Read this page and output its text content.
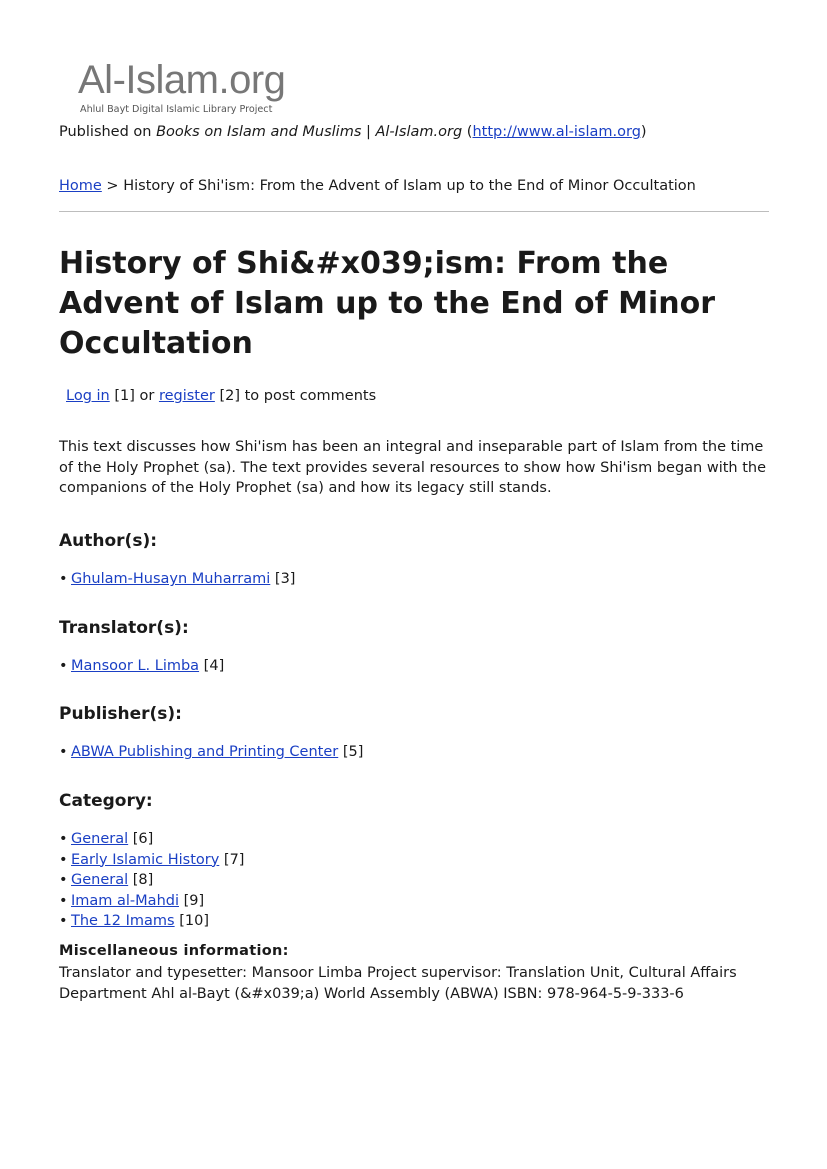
Al-Islam.org
Ahlul Bayt Digital Islamic Library Project
Published on Books on Islam and Muslims | Al-Islam.org (http://www.al-islam.org)
Home > History of Shi'ism: From the Advent of Islam up to the End of Minor Occultation
History of Shi&#x039;ism: From the Advent of Islam up to the End of Minor Occultation
Log in [1] or register [2] to post comments

This text discusses how Shi'ism has been an integral and inseparable part of Islam from the time of the Holy Prophet (sa). The text provides several resources to show how Shi'ism began with the companions of the Holy Prophet (sa) and how its legacy still stands.

Author(s):
• Ghulam-Husayn Muharrami [3]
Translator(s):
• Mansoor L. Limba [4]
Publisher(s):
• ABWA Publishing and Printing Center [5]
Category:
• General [6]
• Early Islamic History [7]
• General [8]
• Imam al-Mahdi [9]
• The 12 Imams [10]
Miscellaneous information:

Translator and typesetter: Mansoor Limba Project supervisor: Translation Unit, Cultural Affairs Department Ahl al-Bayt (&#x039;a) World Assembly (ABWA) ISBN: 978-964-5-9-333-6
